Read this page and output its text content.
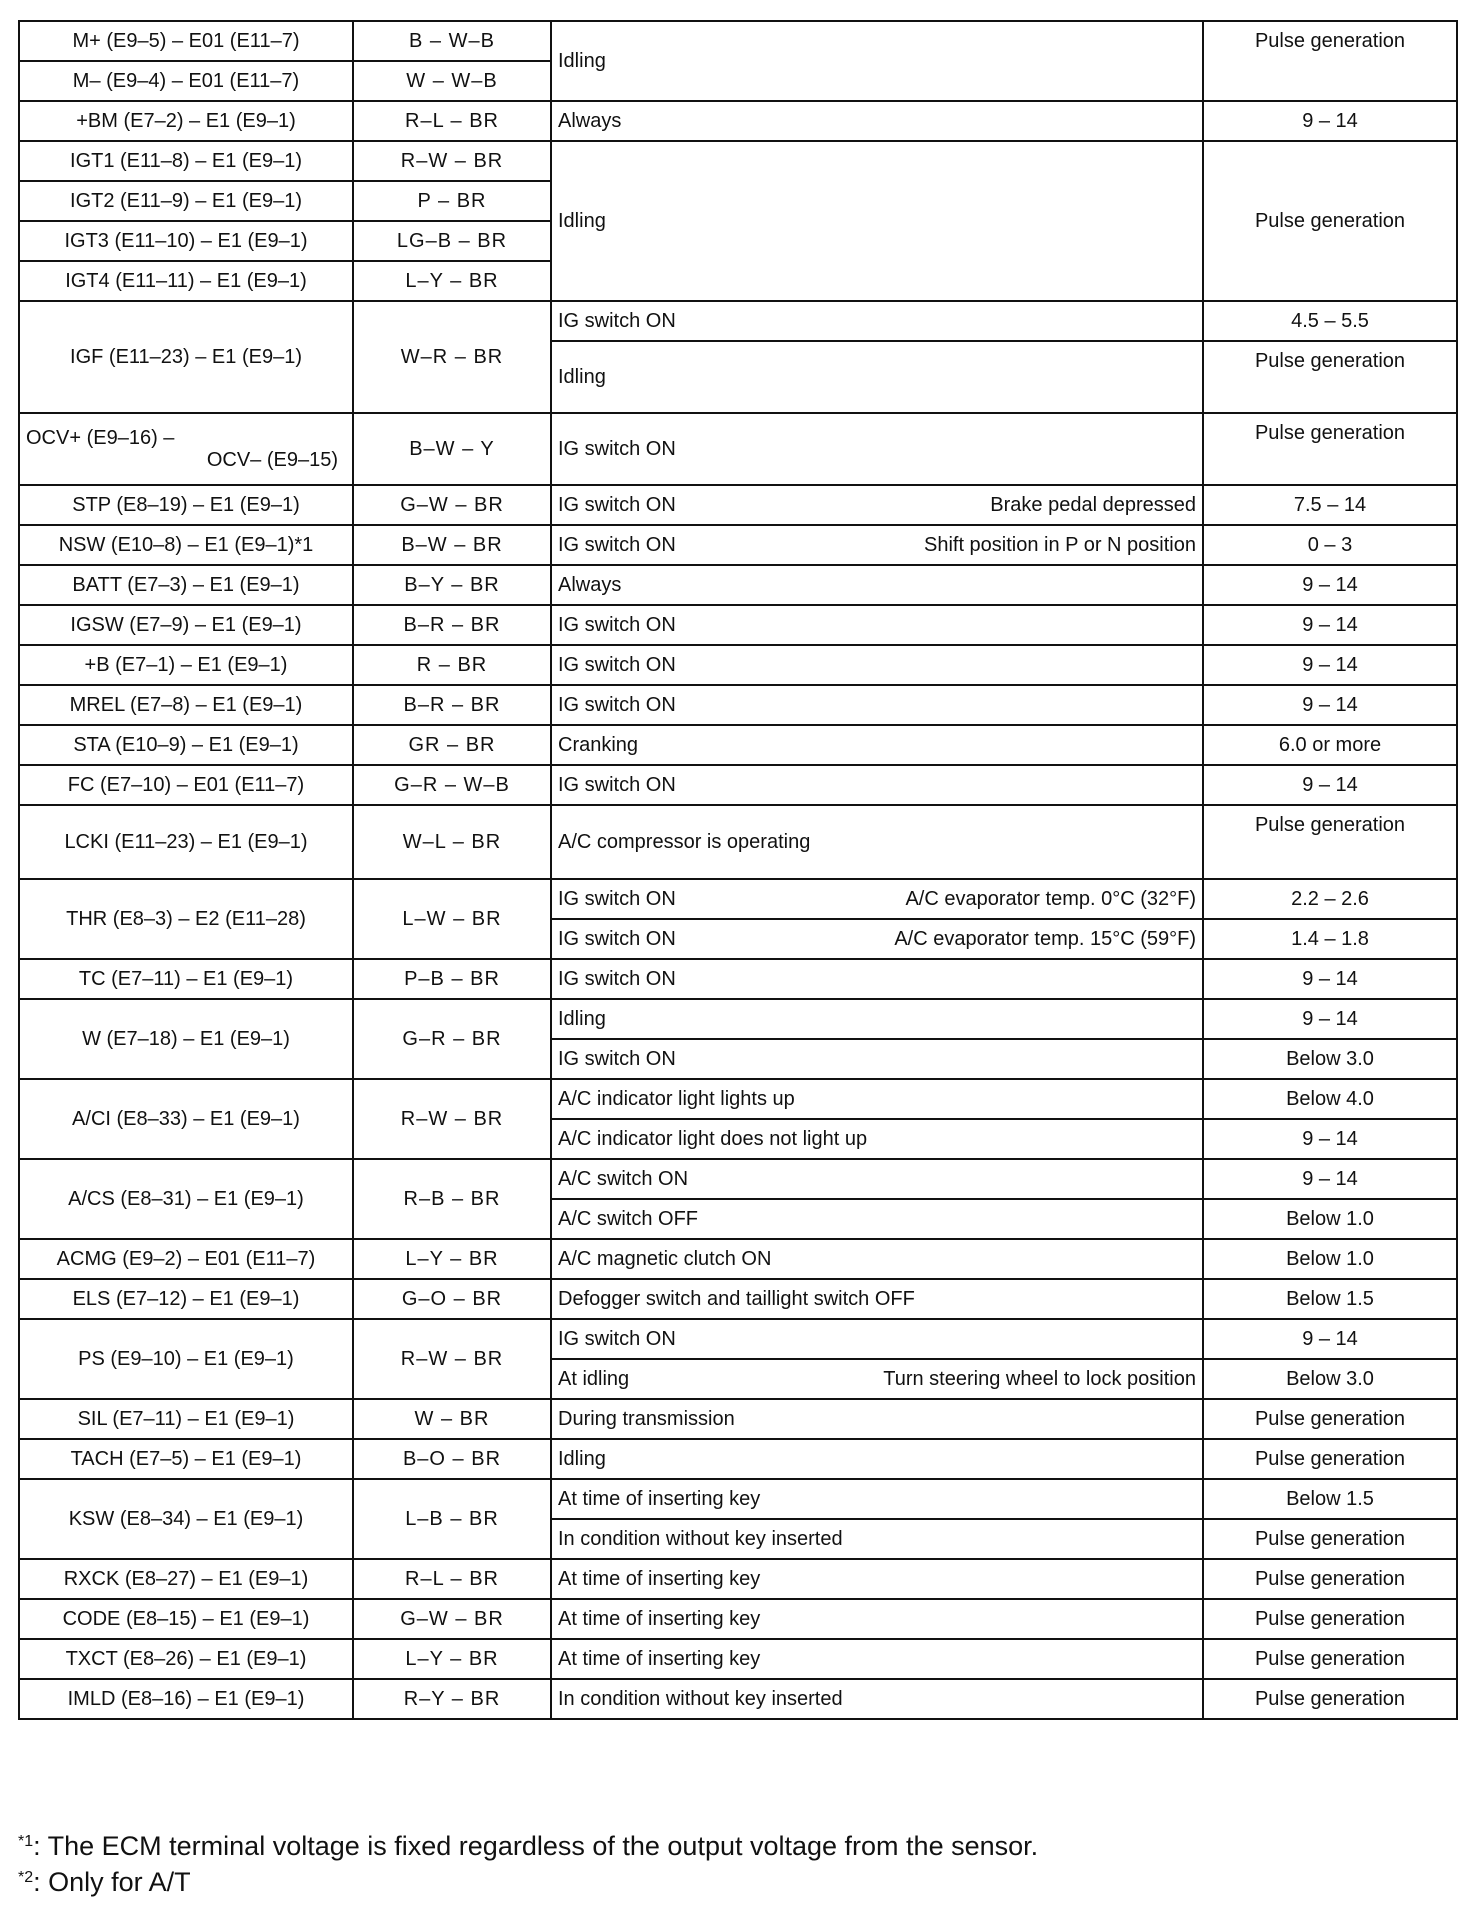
M+ (E9–5) – E01 (E11–7)	B – W–B	Idling	Pulse generation
M– (E9–4) – E01 (E11–7)	W – W–B		
+BM (E7–2) – E1 (E9–1)	R–L – BR	Always	9 – 14
IGT1 (E11–8) – E1 (E9–1)	R–W – BR	Idling	Pulse generation
IGT2 (E11–9) – E1 (E9–1)	P – BR		
IGT3 (E11–10) – E1 (E9–1)	LG–B – BR		
IGT4 (E11–11) – E1 (E9–1)	L–Y – BR		
IGF (E11–23) – E1 (E9–1)	W–R – BR	IG switch ON	4.5 – 5.5
		Idling	Pulse generation
OCV+ (E9–16) –
OCV– (E9–15)	B–W – Y	IG switch ON	Pulse generation
STP (E8–19) – E1 (E9–1)	G–W – BR	IG switch ON Brake pedal depressed	7.5 – 14
NSW (E10–8) – E1 (E9–1)*1	B–W – BR	IG switch ON Shift position in P or N position	0 – 3
BATT (E7–3) – E1 (E9–1)	B–Y – BR	Always	9 – 14
IGSW (E7–9) – E1 (E9–1)	B–R – BR	IG switch ON	9 – 14
+B (E7–1) – E1 (E9–1)	R – BR	IG switch ON	9 – 14
MREL (E7–8) – E1 (E9–1)	B–R – BR	IG switch ON	9 – 14
STA (E10–9) – E1 (E9–1)	GR – BR	Cranking	6.0 or more
FC (E7–10) – E01 (E11–7)	G–R – W–B	IG switch ON	9 – 14
LCKI (E11–23) – E1 (E9–1)	W–L – BR	A/C compressor is operating	Pulse generation
THR (E8–3) – E2 (E11–28)	L–W – BR	IG switch ON A/C evaporator temp. 0°C (32°F)	2.2 – 2.6

		IG switch ON A/C evaporator temp. 15°C (59°F)	1.4 – 1.8
TC (E7–11) – E1 (E9–1)	P–B – BR	IG switch ON	9 – 14
W (E7–18) – E1 (E9–1)	G–R – BR	Idling	9 – 14
		IG switch ON	Below 3.0
A/CI (E8–33) – E1 (E9–1)	R–W – BR	A/C indicator light lights up	Below 4.0
		A/C indicator light does not light up	9 – 14
A/CS (E8–31) – E1 (E9–1)	R–B – BR	A/C switch ON	9 – 14
		A/C switch OFF	Below 1.0
ACMG (E9–2) – E01 (E11–7)	L–Y – BR	A/C magnetic clutch ON	Below 1.0
ELS (E7–12) – E1 (E9–1)	G–O – BR	Defogger switch and taillight switch OFF	Below 1.5
PS (E9–10) – E1 (E9–1)	R–W – BR	IG switch ON	9 – 14

		At idling Turn steering wheel to lock position	Below 3.0
SIL (E7–11) – E1 (E9–1)	W – BR	During transmission	Pulse generation
TACH (E7–5) – E1 (E9–1)	B–O – BR	Idling	Pulse generation
KSW (E8–34) – E1 (E9–1)	L–B – BR	At time of inserting key	Below 1.5
		In condition without key inserted	Pulse generation
RXCK (E8–27) – E1 (E9–1)	R–L – BR	At time of inserting key	Pulse generation
CODE (E8–15) – E1 (E9–1)	G–W – BR	At time of inserting key	Pulse generation
TXCT (E8–26) – E1 (E9–1)	L–Y – BR	At time of inserting key	Pulse generation
IMLD (E8–16) – E1 (E9–1)	R–Y – BR	In condition without key inserted	Pulse generation
$^{*1}$: The ECM terminal voltage is fixed regardless of the output voltage from the sensor.
$^{*2}$: Only for A/T
